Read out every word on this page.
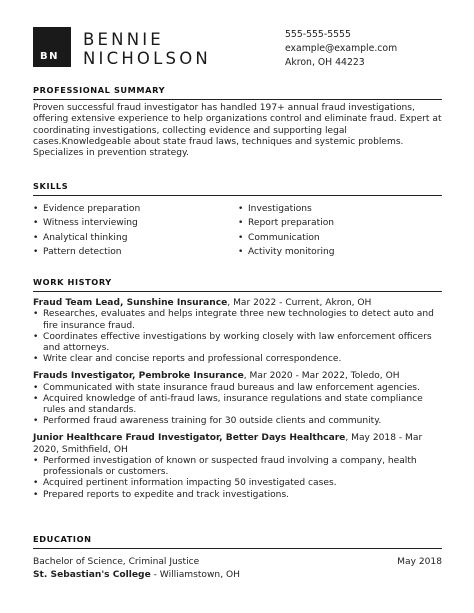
BN
BENNIE
NICHOLSON
555-555-5555
example@example.com
Akron, OH 44223
PROFESSIONAL SUMMARY
Proven successful fraud investigator has handled 197+ annual fraud investigations, offering extensive experience to help organizations control and eliminate fraud. Expert at coordinating investigations, collecting evidence and supporting legal cases.Knowledgeable about state fraud laws, techniques and systemic problems. Specializes in prevention strategy.
SKILLS
• Evidence preparation
• Witness interviewing
• Analytical thinking
• Pattern detection
• Investigations
• Report preparation
• Communication
• Activity monitoring
WORK HISTORY
Fraud Team Lead, Sunshine Insurance, Mar 2022 - Current, Akron, OH
• Researches, evaluates and helps integrate three new technologies to detect auto and fire insurance fraud.
• Coordinates effective investigations by working closely with law enforcement officers and attorneys.
• Write clear and concise reports and professional correspondence.
Frauds Investigator, Pembroke Insurance, Mar 2020 - Mar 2022, Toledo, OH
• Communicated with state insurance fraud bureaus and law enforcement agencies.
• Acquired knowledge of anti-fraud laws, insurance regulations and state compliance rules and standards.
• Performed fraud awareness training for 30 outside clients and community.
Junior Healthcare Fraud Investigator, Better Days Healthcare, May 2018 - Mar 2020, Smithfield, OH
• Performed investigation of known or suspected fraud involving a company, health professionals or customers.
• Acquired pertinent information impacting 50 investigated cases.
• Prepared reports to expedite and track investigations.
EDUCATION
Bachelor of Science, Criminal Justice	May 2018
St. Sebastian's College - Williamstown, OH
